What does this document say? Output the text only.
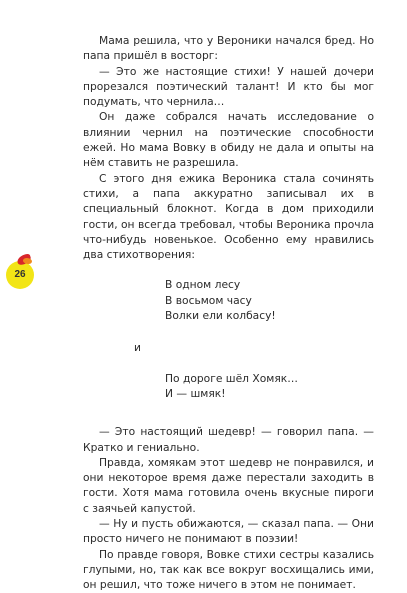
26

Мама решила, что у Вероники начался бред. Но папа пришёл в восторг:

— Это же настоящие стихи! У нашей дочери прорезался поэтический талант! И кто бы мог подумать, что чернила…

Он даже собрался начать исследование о влиянии чернил на поэтические способности ежей. Но мама Вовку в обиду не дала и опыты на нём ставить не разрешила.

С этого дня ежика Вероника стала сочинять стихи, а папа аккуратно записывал их в специальный блокнот. Когда в дом приходили гости, он всегда требовал, чтобы Вероника прочла что-нибудь новенькое. Особенно ему нравились два стихотворения:

В одном лесу
В восьмом часу
Волки ели колбасу!

и

По дороге шёл Хомяк…
И — шмяк!

— Это настоящий шедевр! — говорил папа. — Кратко и гениально.

Правда, хомякам этот шедевр не понравился, и они некоторое время даже перестали заходить в гости. Хотя мама готовила очень вкусные пироги с заячьей капустой.

— Ну и пусть обижаются, — сказал папа. — Они просто ничего не понимают в поэзии!

По правде говоря, Вовке стихи сестры казались глупыми, но, так как все вокруг восхищались ими, он решил, что тоже ничего в этом не понимает.
